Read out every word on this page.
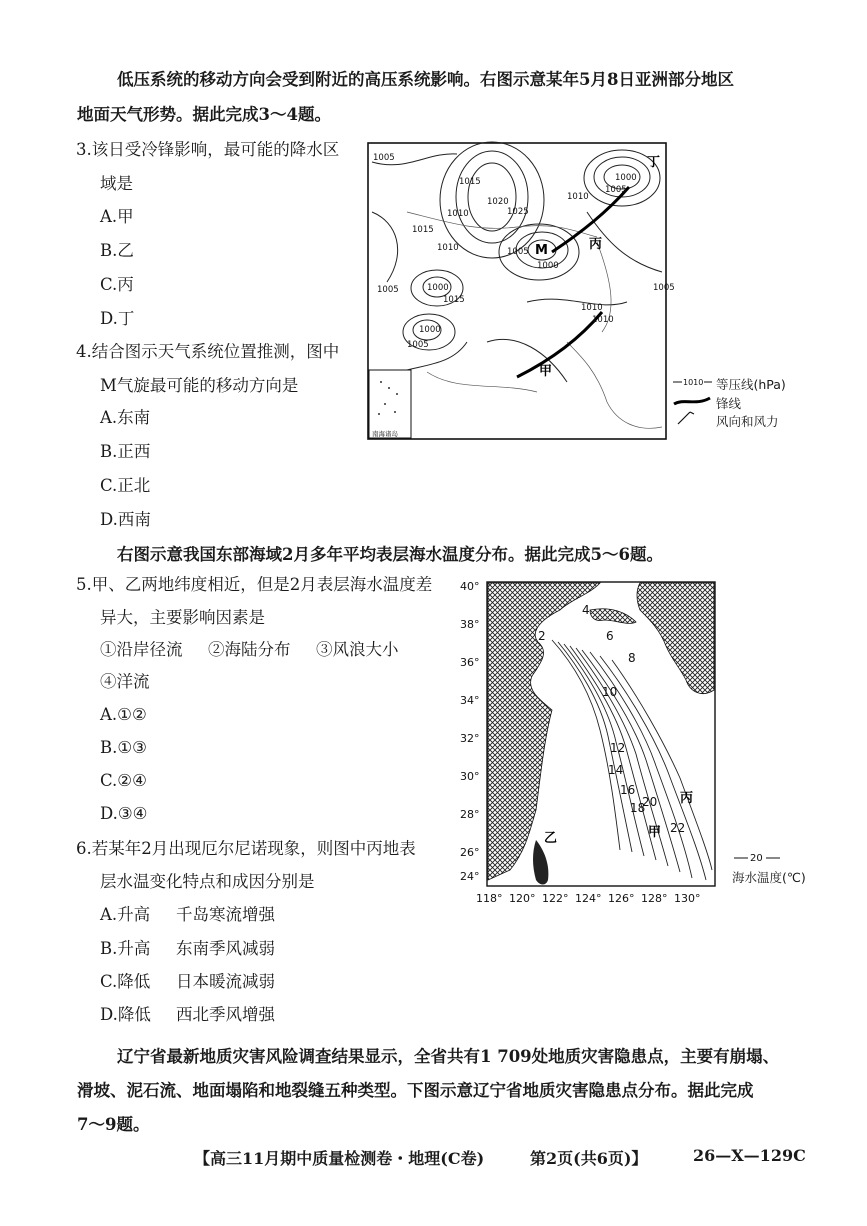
低压系统的移动方向会受到附近的高压系统影响。右图示意某年5月8日亚洲部分地区
地面天气形势。据此完成3～4题。
3.该日受冷锋影响，最可能的降水区
域是
A.甲
B.乙
C.丙
D.丁
4.结合图示天气系统位置推测，图中
M气旋最可能的移动方向是
A.东南
B.正西
C.正北
D.西南
1005
1010
1015
1020
1025
1000
1010
1005
1015
1010	1005
1000
1000
1005
1015
1010
1005
1010
1000
1005
甲
丙
丁
M
南海诸岛
1010 等压线(hPa)
锋线
风向和风力
右图示意我国东部海域2月多年平均表层海水温度分布。据此完成5～6题。
5.甲、乙两地纬度相近，但是2月表层海水温度差
异大，主要影响因素是
①沿岸径流 ②海陆分布 ③风浪大小
④洋流
A.①②
B.①③
C.②④
D.③④
40°
38°
36°
34°
32°
30°
28°
26°
24°
118° 120° 122° 124° 126° 128° 130°
4
6
8
10
12
14
16
18
20
22
2
甲
乙
丙
20
海水温度(℃)
6.若某年2月出现厄尔尼诺现象，则图中丙地表
层水温变化特点和成因分别是
A.升高 千岛寒流增强
B.升高 东南季风减弱
C.降低 日本暖流减弱
D.降低 西北季风增强
辽宁省最新地质灾害风险调查结果显示，全省共有1 709处地质灾害隐患点，主要有崩塌、
滑坡、泥石流、地面塌陷和地裂缝五种类型。下图示意辽宁省地质灾害隐患点分布。据此完成
7～9题。
【高三11月期中质量检测卷・地理(C卷)	第2页(共6页)】	26—X—129C
